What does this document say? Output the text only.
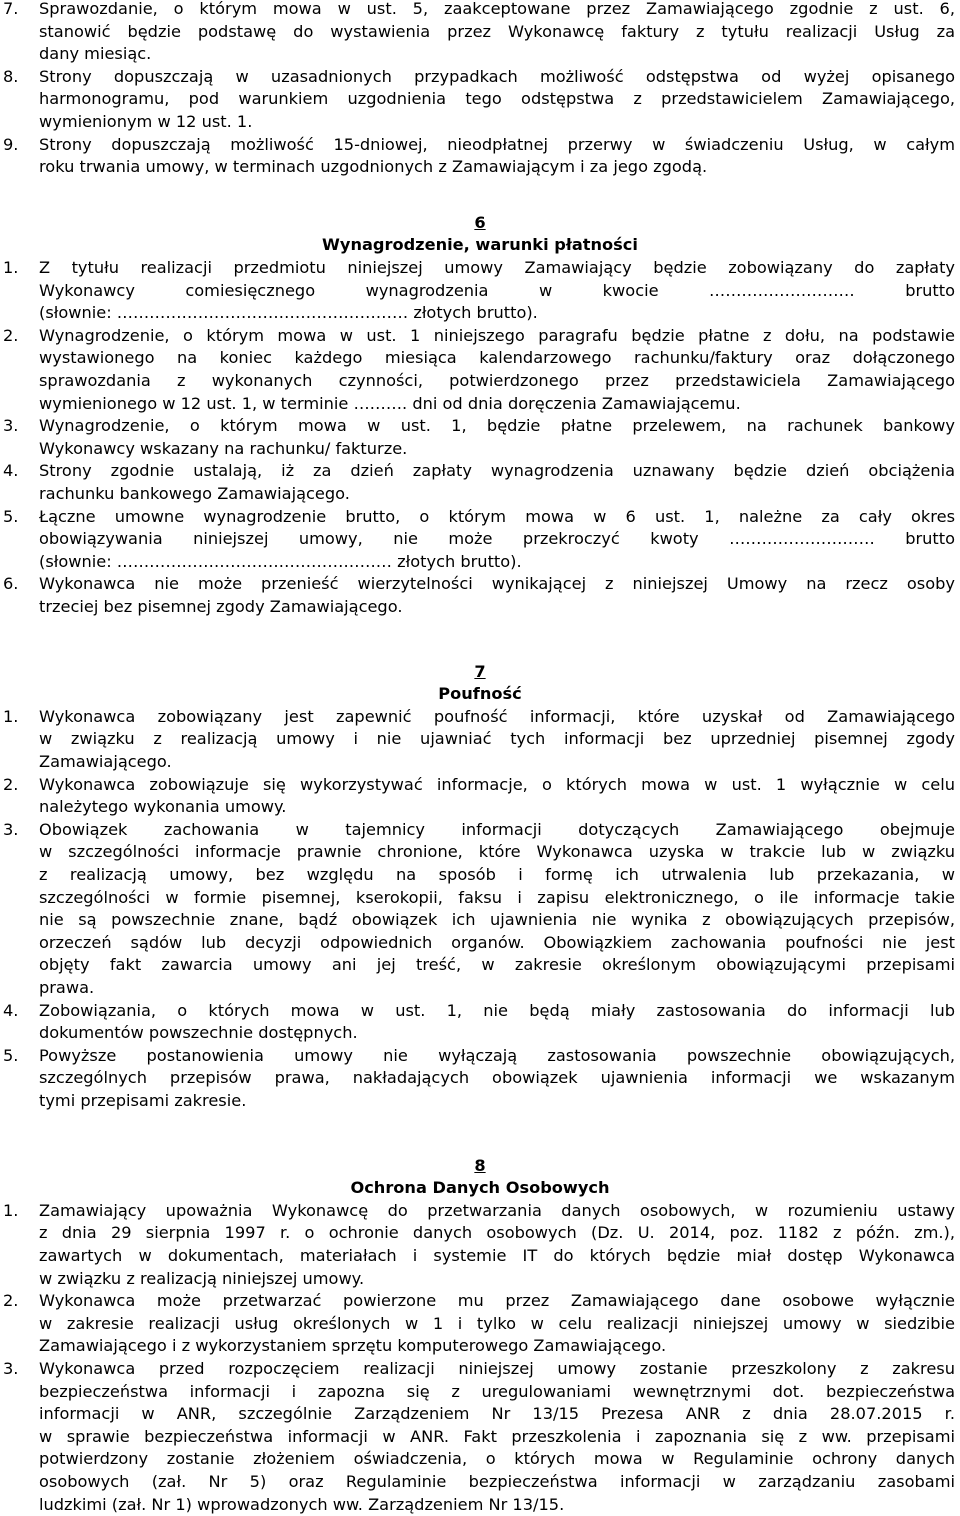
7. Sprawozdanie, o którym mowa w ust. 5, zaakceptowane przez Zamawiającego zgodnie z ust. 6,
stanowić będzie podstawę do wystawienia przez Wykonawcę faktury z tytułu realizacji Usług za
dany miesiąc.
8. Strony dopuszczają w uzasadnionych przypadkach możliwość odstępstwa od wyżej opisanego
harmonogramu, pod warunkiem uzgodnienia tego odstępstwa z przedstawicielem Zamawiającego,
wymienionym w 12 ust. 1.
9. Strony dopuszczają możliwość 15-dniowej, nieodpłatnej przerwy w świadczeniu Usług, w całym
roku trwania umowy, w terminach uzgodnionych z Zamawiającym i za jego zgodą.
6
Wynagrodzenie, warunki płatności
1. Z tytułu realizacji przedmiotu niniejszej umowy Zamawiający będzie zobowiązany do zapłaty
Wykonawcy comiesięcznego wynagrodzenia w kwocie ……………………… brutto
(słownie: ……………………………………………… złotych brutto).
2. Wynagrodzenie, o którym mowa w ust. 1 niniejszego paragrafu będzie płatne z dołu, na podstawie
wystawionego na koniec każdego miesiąca kalendarzowego rachunku/faktury oraz dołączonego
sprawozdania z wykonanych czynności, potwierdzonego przez przedstawiciela Zamawiającego
wymienionego w 12 ust. 1, w terminie ………. dni od dnia doręczenia Zamawiającemu.
3. Wynagrodzenie, o którym mowa w ust. 1, będzie płatne przelewem, na rachunek bankowy
Wykonawcy wskazany na rachunku/ fakturze.
4. Strony zgodnie ustalają, iż za dzień zapłaty wynagrodzenia uznawany będzie dzień obciążenia
rachunku bankowego Zamawiającego.
5. Łączne umowne wynagrodzenie brutto, o którym mowa w 6 ust. 1, należne za cały okres
obowiązywania niniejszej umowy, nie może przekroczyć kwoty ……………………… brutto
(słownie: …………………………………………… złotych brutto).
6. Wykonawca nie może przenieść wierzytelności wynikającej z niniejszej Umowy na rzecz osoby
trzeciej bez pisemnej zgody Zamawiającego.
7
Poufność
1. Wykonawca zobowiązany jest zapewnić poufność informacji, które uzyskał od Zamawiającego
w związku z realizacją umowy i nie ujawniać tych informacji bez uprzedniej pisemnej zgody
Zamawiającego.
2. Wykonawca zobowiązuje się wykorzystywać informacje, o których mowa w ust. 1 wyłącznie w celu
należytego wykonania umowy.
3. Obowiązek zachowania w tajemnicy informacji dotyczących Zamawiającego obejmuje
w szczególności informacje prawnie chronione, które Wykonawca uzyska w trakcie lub w związku
z realizacją umowy, bez względu na sposób i formę ich utrwalenia lub przekazania, w
szczególności w formie pisemnej, kserokopii, faksu i zapisu elektronicznego, o ile informacje takie
nie są powszechnie znane, bądź obowiązek ich ujawnienia nie wynika z obowiązujących przepisów,
orzeczeń sądów lub decyzji odpowiednich organów. Obowiązkiem zachowania poufności nie jest
objęty fakt zawarcia umowy ani jej treść, w zakresie określonym obowiązującymi przepisami
prawa.
4. Zobowiązania, o których mowa w ust. 1, nie będą miały zastosowania do informacji lub
dokumentów powszechnie dostępnych.
5. Powyższe postanowienia umowy nie wyłączają zastosowania powszechnie obowiązujących,
szczególnych przepisów prawa, nakładających obowiązek ujawnienia informacji we wskazanym
tymi przepisami zakresie.
8
Ochrona Danych Osobowych
1. Zamawiający upoważnia Wykonawcę do przetwarzania danych osobowych, w rozumieniu ustawy
z dnia 29 sierpnia 1997 r. o ochronie danych osobowych (Dz. U. 2014, poz. 1182 z późn. zm.),
zawartych w dokumentach, materiałach i systemie IT do których będzie miał dostęp Wykonawca
w związku z realizacją niniejszej umowy.
2. Wykonawca może przetwarzać powierzone mu przez Zamawiającego dane osobowe wyłącznie
w zakresie realizacji usług określonych w 1 i tylko w celu realizacji niniejszej umowy w siedzibie
Zamawiającego i z wykorzystaniem sprzętu komputerowego Zamawiającego.
3. Wykonawca przed rozpoczęciem realizacji niniejszej umowy zostanie przeszkolony z zakresu
bezpieczeństwa informacji i zapozna się z uregulowaniami wewnętrznymi dot. bezpieczeństwa
informacji w ANR, szczególnie Zarządzeniem Nr 13/15 Prezesa ANR z dnia 28.07.2015 r.
w sprawie bezpieczeństwa informacji w ANR. Fakt przeszkolenia i zapoznania się z ww. przepisami
potwierdzony zostanie złożeniem oświadczenia, o których mowa w Regulaminie ochrony danych
osobowych (zał. Nr 5) oraz Regulaminie bezpieczeństwa informacji w zarządzaniu zasobami
ludzkimi (zał. Nr 1) wprowadzonych ww. Zarządzeniem Nr 13/15.
